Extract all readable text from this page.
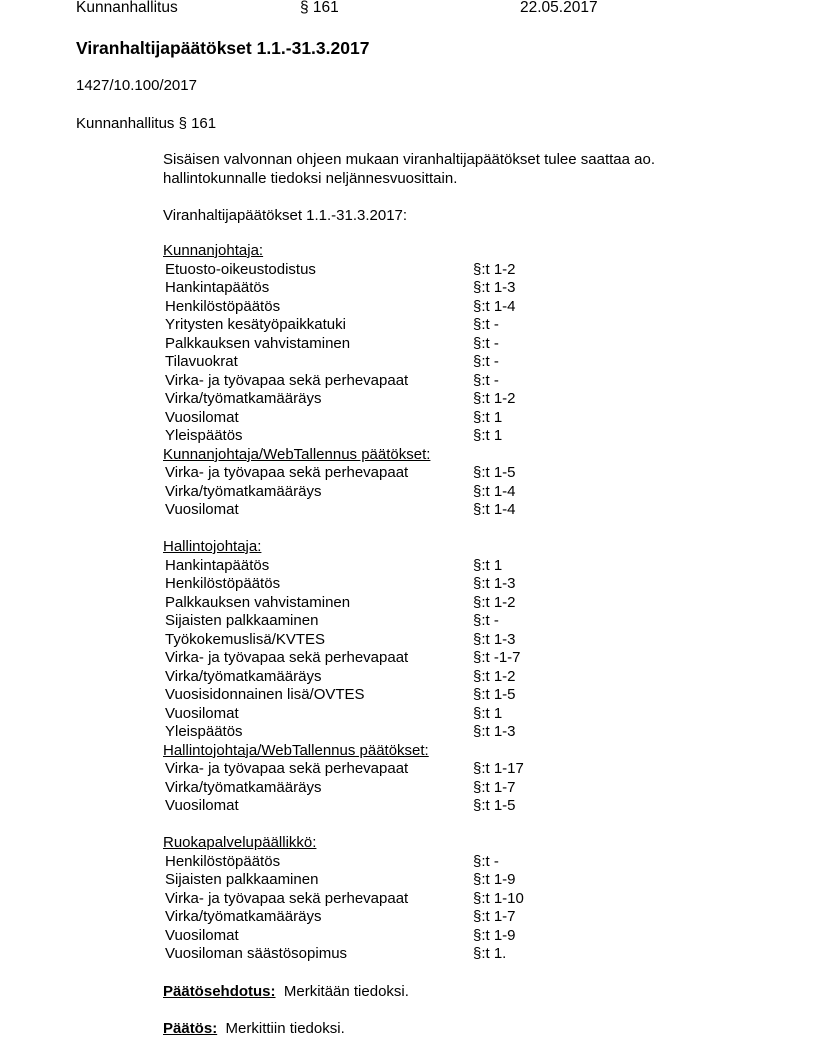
Kunnanhallitus	§ 161	22.05.2017
Viranhaltijapäätökset 1.1.-31.3.2017
1427/10.100/2017
Kunnanhallitus § 161
Sisäisen valvonnan ohjeen mukaan viranhaltijapäätökset tulee saattaa ao.
hallintokunnalle tiedoksi neljännesvuosittain.
Viranhaltijapäätökset 1.1.-31.3.2017:
Kunnanjohtaja:
Etuosto-oikeustodistus	§:t 1-2
Hankintapäätös	§:t 1-3
Henkilöstöpäätös	§:t 1-4
Yritysten kesätyöpaikkatuki	§:t -
Palkkauksen vahvistaminen	§:t -
Tilavuokrat	§:t -
Virka- ja työvapaa sekä perhevapaat	§:t -
Virka/työmatkamääräys	§:t 1-2
Vuosilomat	§:t 1
Yleispäätös	§:t 1
Kunnanjohtaja/WebTallennus päätökset:
Virka- ja työvapaa sekä perhevapaat	§:t 1-5
Virka/työmatkamääräys	§:t 1-4
Vuosilomat	§:t 1-4
Hallintojohtaja:
Hankintapäätös	§:t 1
Henkilöstöpäätös	§:t 1-3
Palkkauksen vahvistaminen	§:t 1-2
Sijaisten palkkaaminen	§:t -
Työkokemuslisä/KVTES	§:t 1-3
Virka- ja työvapaa sekä perhevapaat	§:t -1-7
Virka/työmatkamääräys	§:t 1-2
Vuosisidonnainen lisä/OVTES	§:t 1-5
Vuosilomat	§:t 1
Yleispäätös	§:t 1-3
Hallintojohtaja/WebTallennus päätökset:
Virka- ja työvapaa sekä perhevapaat	§:t 1-17
Virka/työmatkamääräys	§:t 1-7
Vuosilomat	§:t 1-5
Ruokapalvelupäällikkö:
Henkilöstöpäätös	§:t -
Sijaisten palkkaaminen	§:t 1-9
Virka- ja työvapaa sekä perhevapaat	§:t 1-10
Virka/työmatkamääräys	§:t 1-7
Vuosilomat	§:t 1-9
Vuosiloman säästösopimus	§:t 1.
Päätösehdotus: Merkitään tiedoksi.
Päätös: Merkittiin tiedoksi.
